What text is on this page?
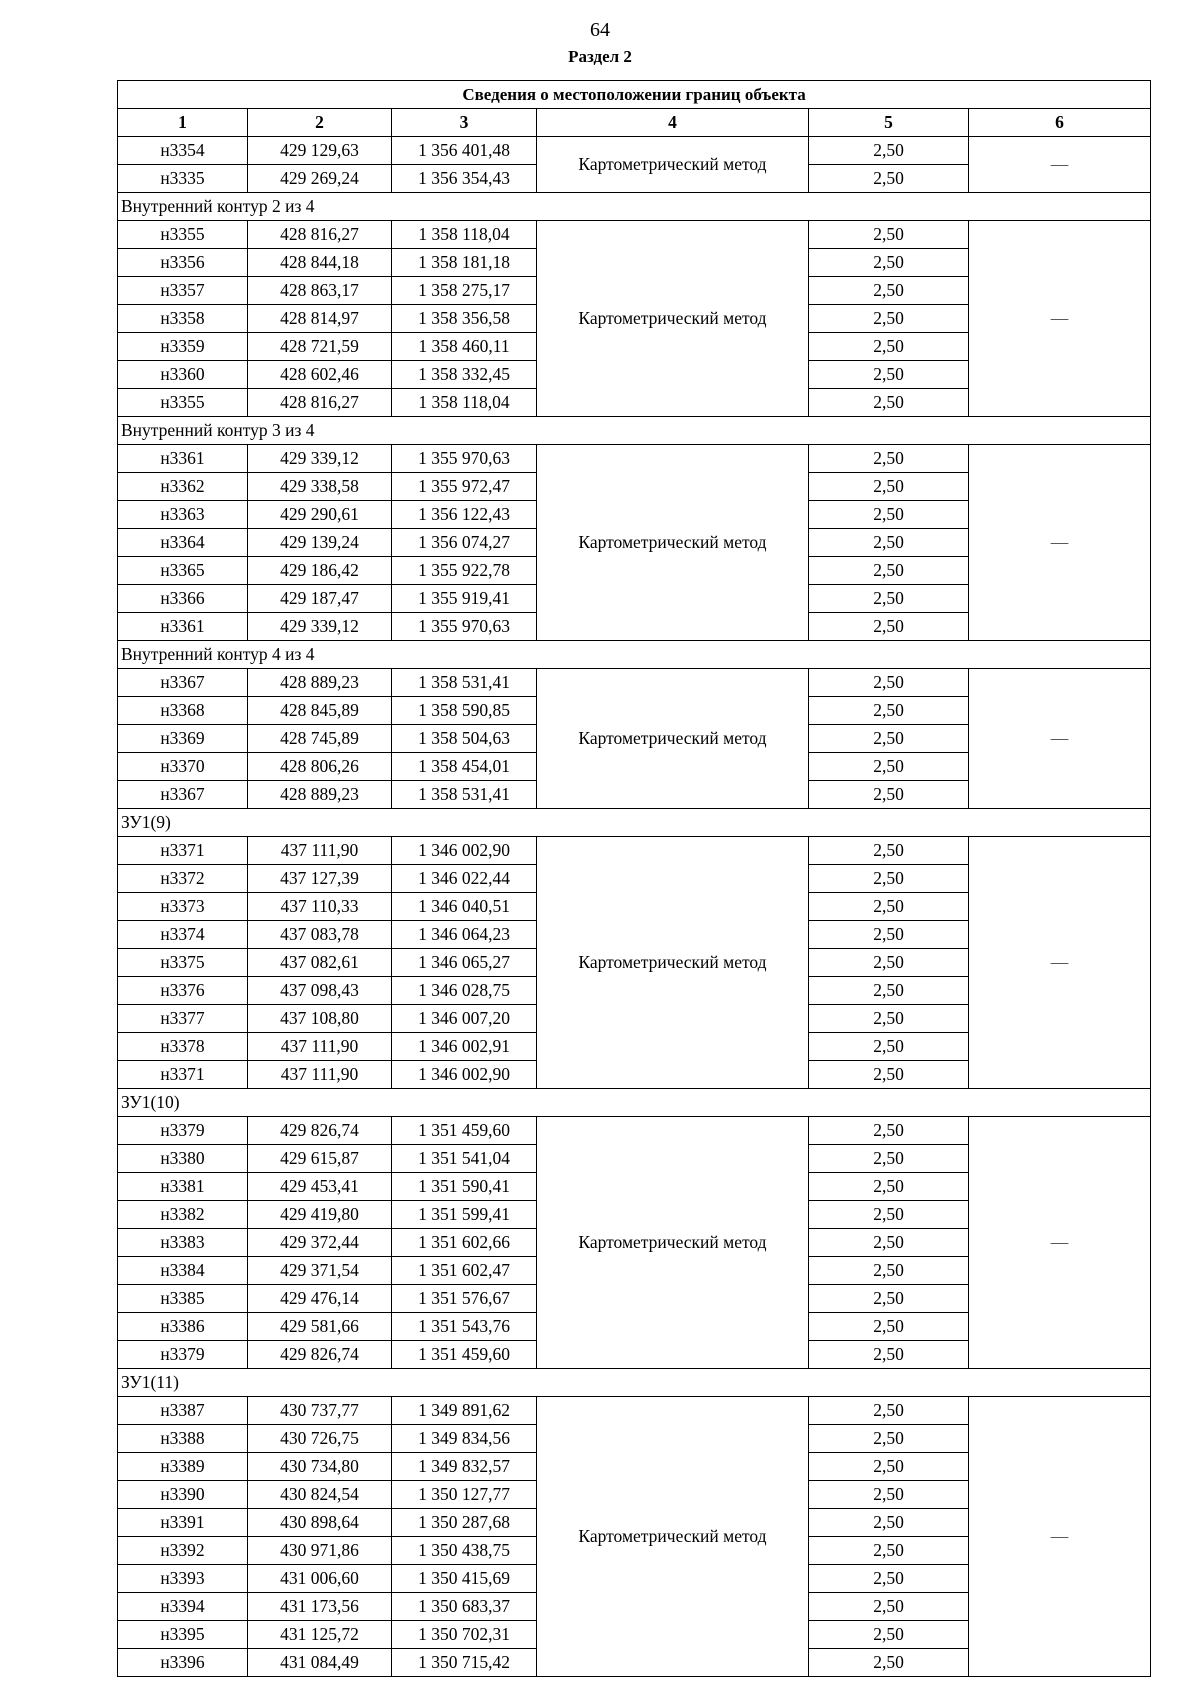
64
Раздел 2
Сведения о местоположении границ объекта					
1	2	3	4	5	6
н3354	429 129,63	1 356 401,48	Картометрический метод	2,50	—
н3335	429 269,24	1 356 354,43		2,50	
Внутренний контур 2 из 4					
н3355	428 816,27	1 358 118,04	Картометрический метод	2,50	—
н3356	428 844,18	1 358 181,18		2,50	
н3357	428 863,17	1 358 275,17		2,50	
н3358	428 814,97	1 358 356,58		2,50	
н3359	428 721,59	1 358 460,11		2,50	
н3360	428 602,46	1 358 332,45		2,50	
н3355	428 816,27	1 358 118,04		2,50	
Внутренний контур 3 из 4					
н3361	429 339,12	1 355 970,63	Картометрический метод	2,50	—
н3362	429 338,58	1 355 972,47		2,50	
н3363	429 290,61	1 356 122,43		2,50	
н3364	429 139,24	1 356 074,27		2,50	
н3365	429 186,42	1 355 922,78		2,50	
н3366	429 187,47	1 355 919,41		2,50	
н3361	429 339,12	1 355 970,63		2,50	
Внутренний контур 4 из 4					
н3367	428 889,23	1 358 531,41	Картометрический метод	2,50	—
н3368	428 845,89	1 358 590,85		2,50	
н3369	428 745,89	1 358 504,63		2,50	
н3370	428 806,26	1 358 454,01		2,50	
н3367	428 889,23	1 358 531,41		2,50	
ЗУ1(9)					
н3371	437 111,90	1 346 002,90	Картометрический метод	2,50	—
н3372	437 127,39	1 346 022,44		2,50	
н3373	437 110,33	1 346 040,51		2,50	
н3374	437 083,78	1 346 064,23		2,50	
н3375	437 082,61	1 346 065,27		2,50	
н3376	437 098,43	1 346 028,75		2,50	
н3377	437 108,80	1 346 007,20		2,50	
н3378	437 111,90	1 346 002,91		2,50	
н3371	437 111,90	1 346 002,90		2,50	
ЗУ1(10)					
н3379	429 826,74	1 351 459,60	Картометрический метод	2,50	—
н3380	429 615,87	1 351 541,04		2,50	
н3381	429 453,41	1 351 590,41		2,50	
н3382	429 419,80	1 351 599,41		2,50	
н3383	429 372,44	1 351 602,66		2,50	
н3384	429 371,54	1 351 602,47		2,50	
н3385	429 476,14	1 351 576,67		2,50	
н3386	429 581,66	1 351 543,76		2,50	
н3379	429 826,74	1 351 459,60		2,50	
ЗУ1(11)					
н3387	430 737,77	1 349 891,62	Картометрический метод	2,50	—
н3388	430 726,75	1 349 834,56		2,50	
н3389	430 734,80	1 349 832,57		2,50	
н3390	430 824,54	1 350 127,77		2,50	
н3391	430 898,64	1 350 287,68		2,50	
н3392	430 971,86	1 350 438,75		2,50	
н3393	431 006,60	1 350 415,69		2,50	
н3394	431 173,56	1 350 683,37		2,50	
н3395	431 125,72	1 350 702,31		2,50	
н3396	431 084,49	1 350 715,42		2,50	
